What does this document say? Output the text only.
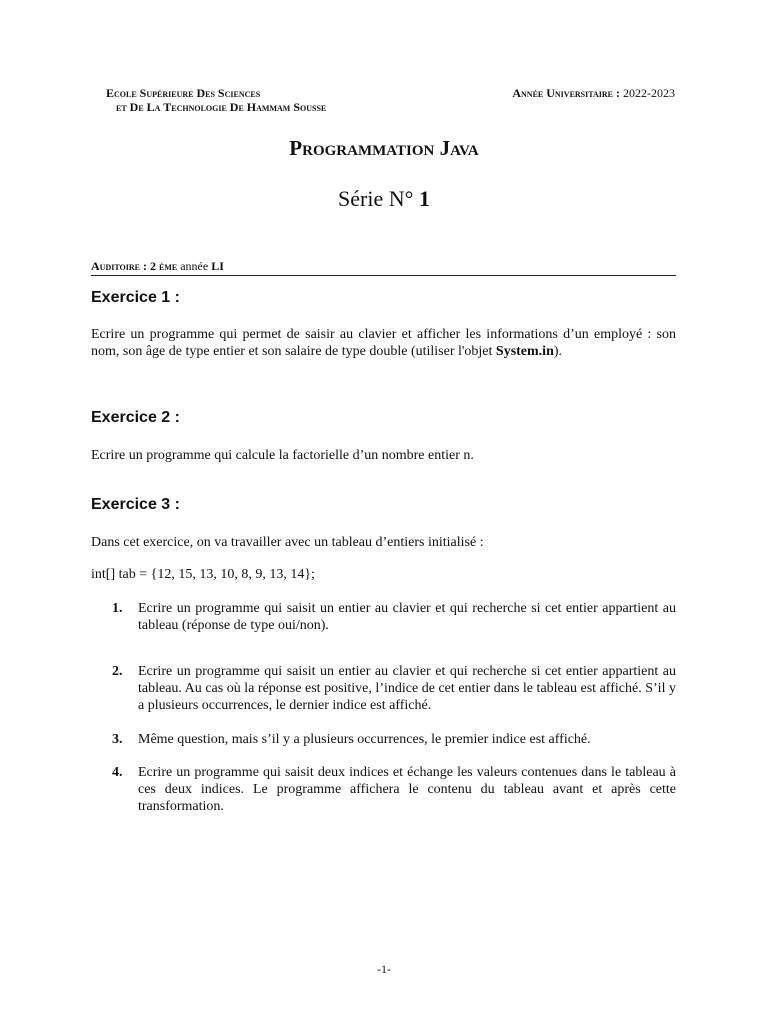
Ecole Supérieure Des Sciences
et De La Technologie De Hammam Sousse
Année Universitaire : 2022-2023
Programmation Java
Série N° 1
Auditoire : 2 ème année LI
Exercice 1 :
Ecrire un programme qui permet de saisir au clavier et afficher les informations d’un employé : son nom, son âge de type entier et son salaire de type double (utiliser l'objet System.in).
Exercice 2 :
Ecrire un programme qui calcule la factorielle d’un nombre entier n.
Exercice 3 :
Dans cet exercice, on va travailler avec un tableau d’entiers initialisé :
int[] tab = {12, 15, 13, 10, 8, 9, 13, 14};
1. Ecrire un programme qui saisit un entier au clavier et qui recherche si cet entier appartient au tableau (réponse de type oui/non).
2. Ecrire un programme qui saisit un entier au clavier et qui recherche si cet entier appartient au tableau. Au cas où la réponse est positive, l’indice de cet entier dans le tableau est affiché. S’il y a plusieurs occurrences, le dernier indice est affiché.
3. Même question, mais s’il y a plusieurs occurrences, le premier indice est affiché.
4. Ecrire un programme qui saisit deux indices et échange les valeurs contenues dans le tableau à ces deux indices. Le programme affichera le contenu du tableau avant et après cette transformation.
-1-
